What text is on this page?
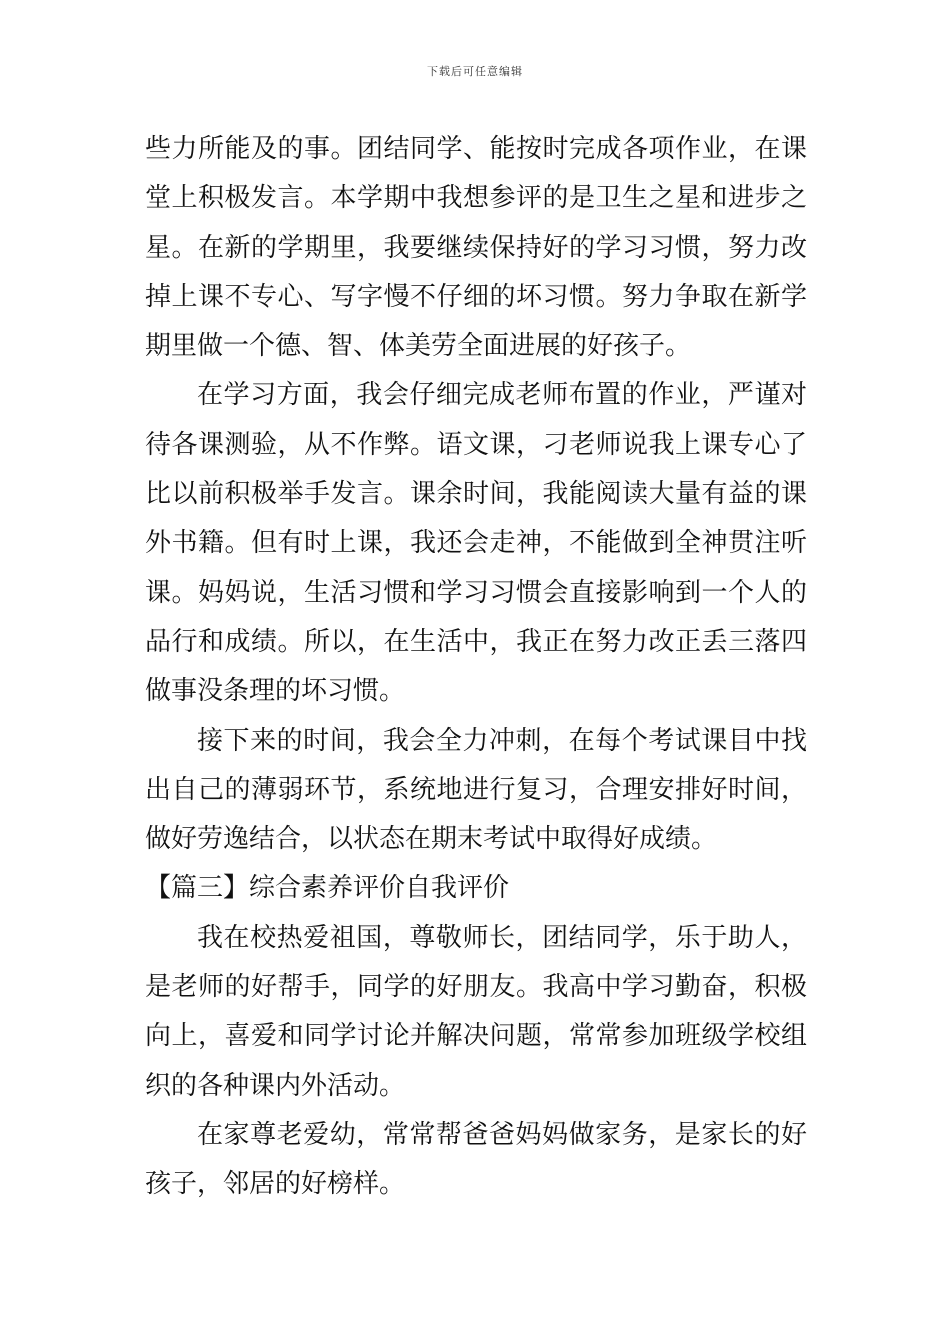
下载后可任意编辑

些力所能及的事。团结同学、能按时完成各项作业，在课堂上积极发言。本学期中我想参评的是卫生之星和进步之星。在新的学期里，我要继续保持好的学习习惯，努力改掉上课不专心、写字慢不仔细的坏习惯。努力争取在新学期里做一个德、智、体美劳全面进展的好孩子。

在学习方面，我会仔细完成老师布置的作业，严谨对待各课测验，从不作弊。语文课，刁老师说我上课专心了比以前积极举手发言。课余时间，我能阅读大量有益的课外书籍。但有时上课，我还会走神，不能做到全神贯注听课。妈妈说，生活习惯和学习习惯会直接影响到一个人的品行和成绩。所以，在生活中，我正在努力改正丢三落四做事没条理的坏习惯。

接下来的时间，我会全力冲刺，在每个考试课目中找出自己的薄弱环节，系统地进行复习，合理安排好时间，做好劳逸结合，以状态在期末考试中取得好成绩。

【篇三】综合素养评价自我评价

我在校热爱祖国，尊敬师长，团结同学，乐于助人，是老师的好帮手，同学的好朋友。我高中学习勤奋，积极向上，喜爱和同学讨论并解决问题，常常参加班级学校组织的各种课内外活动。

在家尊老爱幼，常常帮爸爸妈妈做家务，是家长的好孩子，邻居的好榜样。
